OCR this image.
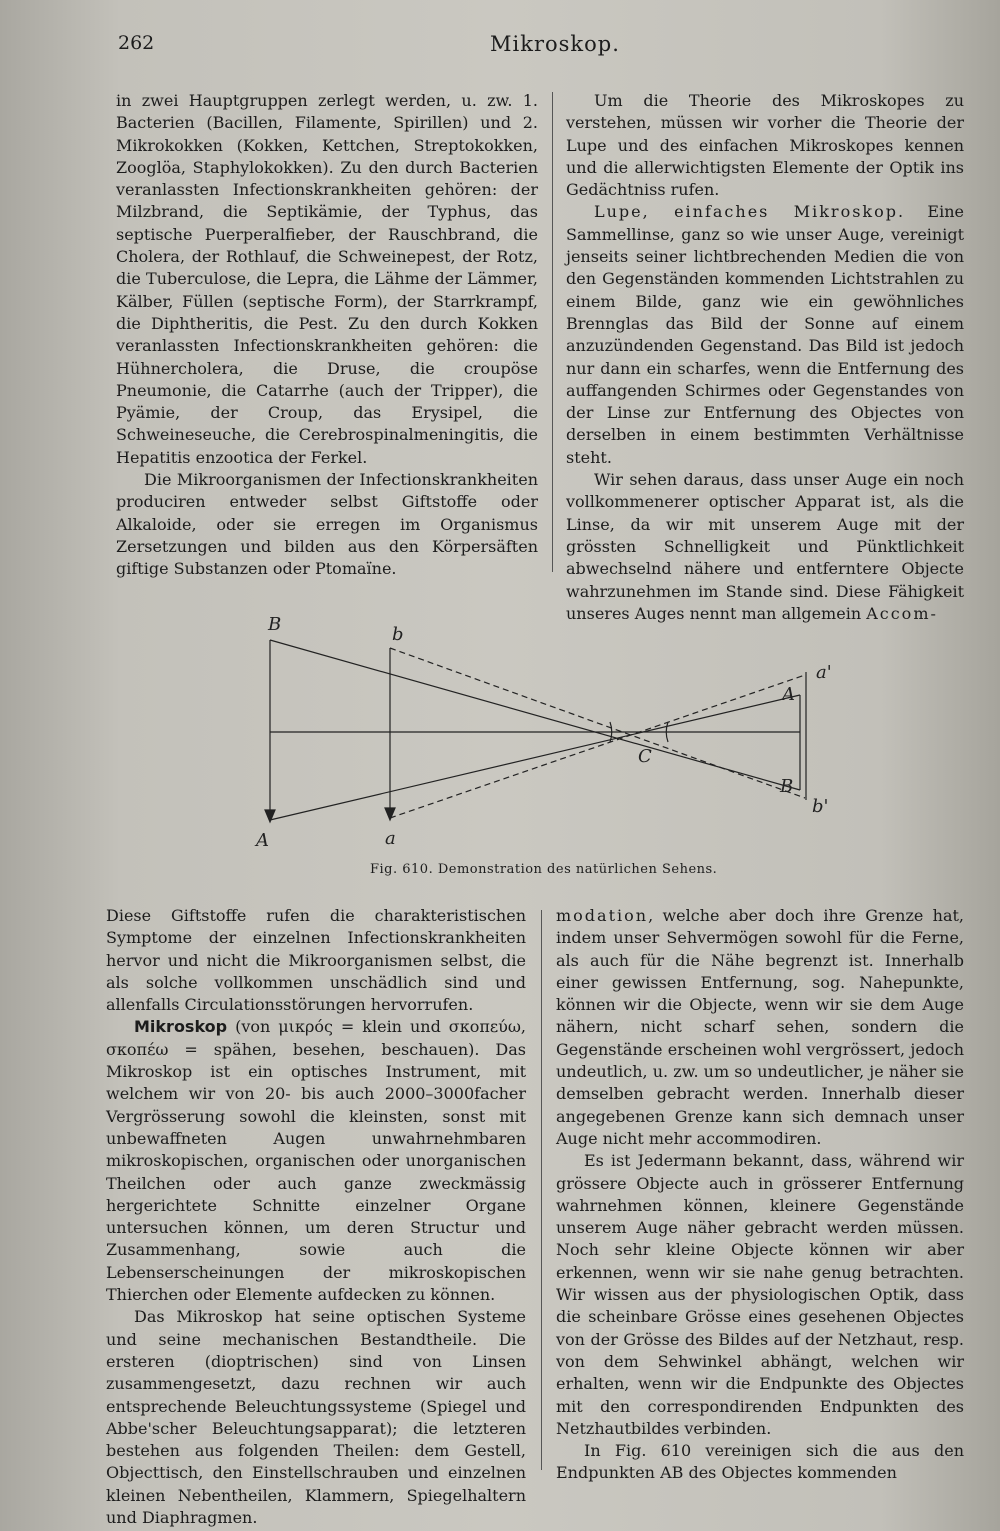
262	Mikroskop.

in zwei Hauptgruppen zerlegt werden, u. zw. 1. Bacterien (Bacillen, Filamente, Spirillen) und 2. Mikrokokken (Kokken, Kettchen, Streptokokken, Zooglöa, Staphylokokken). Zu den durch Bacterien veranlassten Infectionskrankheiten gehören: der Milzbrand, die Septikämie, der Typhus, das septische Puerperalfieber, der Rauschbrand, die Cholera, der Rothlauf, die Schweinepest, der Rotz, die Tuberculose, die Lepra, die Lähme der Lämmer, Kälber, Füllen (septische Form), der Starrkrampf, die Diphtheritis, die Pest. Zu den durch Kokken veranlassten Infectionskrankheiten gehören: die Hühnercholera, die Druse, die croupöse Pneumonie, die Catarrhe (auch der Tripper), die Pyämie, der Croup, das Erysipel, die Schweineseuche, die Cerebrospinalmeningitis, die Hepatitis enzootica der Ferkel.

Die Mikroorganismen der Infectionskrankheiten produciren entweder selbst Giftstoffe oder Alkaloide, oder sie erregen im Organismus Zersetzungen und bilden aus den Körpersäften giftige Substanzen oder Ptomaïne.

Um die Theorie des Mikroskopes zu verstehen, müssen wir vorher die Theorie der Lupe und des einfachen Mikroskopes kennen und die allerwichtigsten Elemente der Optik ins Gedächtniss rufen.

Lupe, einfaches Mikroskop. Eine Sammellinse, ganz so wie unser Auge, vereinigt jenseits seiner lichtbrechenden Medien die von den Gegenständen kommenden Lichtstrahlen zu einem Bilde, ganz wie ein gewöhnliches Brennglas das Bild der Sonne auf einem anzuzündenden Gegenstand. Das Bild ist jedoch nur dann ein scharfes, wenn die Entfernung des auffangenden Schirmes oder Gegenstandes von der Linse zur Entfernung des Objectes von derselben in einem bestimmten Verhältnisse steht.

Wir sehen daraus, dass unser Auge ein noch vollkommenerer optischer Apparat ist, als die Linse, da wir mit unserem Auge mit der grössten Schnelligkeit und Pünktlichkeit abwechselnd nähere und entferntere Objecte wahrzunehmen im Stande sind. Diese Fähigkeit unseres Auges nennt man allgemein Accom-

B	b
A	a
C
a'
A
B
b'
Fig. 610. Demonstration des natürlichen Sehens.

Diese Giftstoffe rufen die charakteristischen Symptome der einzelnen Infectionskrankheiten hervor und nicht die Mikroorganismen selbst, die als solche vollkommen unschädlich sind und allenfalls Circulationsstörungen hervorrufen.

Mikroskop (von μικρός = klein und σκοπεύω, σκοπέω = spähen, besehen, beschauen). Das Mikroskop ist ein optisches Instrument, mit welchem wir von 20- bis auch 2000–3000facher Vergrösserung sowohl die kleinsten, sonst mit unbewaffneten Augen unwahrnehmbaren mikroskopischen, organischen oder unorganischen Theilchen oder auch ganze zweckmässig hergerichtete Schnitte einzelner Organe untersuchen können, um deren Structur und Zusammenhang, sowie auch die Lebenserscheinungen der mikroskopischen Thierchen oder Elemente aufdecken zu können.

Das Mikroskop hat seine optischen Systeme und seine mechanischen Bestandtheile. Die ersteren (dioptrischen) sind von Linsen zusammengesetzt, dazu rechnen wir auch entsprechende Beleuchtungssysteme (Spiegel und Abbe'scher Beleuchtungsapparat); die letzteren bestehen aus folgenden Theilen: dem Gestell, Objecttisch, den Einstellschrauben und einzelnen kleinen Nebentheilen, Klammern, Spiegelhaltern und Diaphragmen.

modation, welche aber doch ihre Grenze hat, indem unser Sehvermögen sowohl für die Ferne, als auch für die Nähe begrenzt ist. Innerhalb einer gewissen Entfernung, sog. Nahepunkte, können wir die Objecte, wenn wir sie dem Auge nähern, nicht scharf sehen, sondern die Gegenstände erscheinen wohl vergrössert, jedoch undeutlich, u. zw. um so undeutlicher, je näher sie demselben gebracht werden. Innerhalb dieser angegebenen Grenze kann sich demnach unser Auge nicht mehr accommodiren.

Es ist Jedermann bekannt, dass, während wir grössere Objecte auch in grösserer Entfernung wahrnehmen können, kleinere Gegenstände unserem Auge näher gebracht werden müssen. Noch sehr kleine Objecte können wir aber erkennen, wenn wir sie nahe genug betrachten. Wir wissen aus der physiologischen Optik, dass die scheinbare Grösse eines gesehenen Objectes von der Grösse des Bildes auf der Netzhaut, resp. von dem Sehwinkel abhängt, welchen wir erhalten, wenn wir die Endpunkte des Objectes mit den correspondirenden Endpunkten des Netzhautbildes verbinden.

In Fig. 610 vereinigen sich die aus den Endpunkten AB des Objectes kommenden
